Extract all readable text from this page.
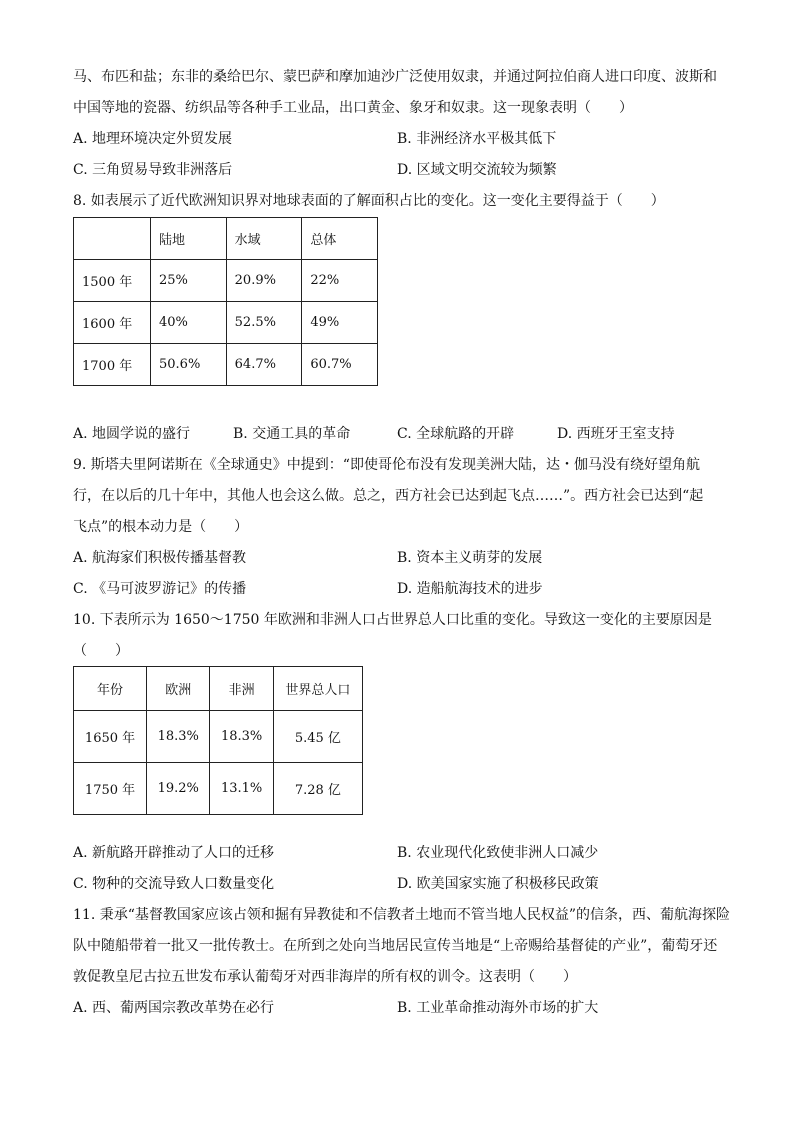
马、布匹和盐；东非的桑给巴尔、蒙巴萨和摩加迪沙广泛使用奴隶，并通过阿拉伯商人进口印度、波斯和
中国等地的瓷器、纺织品等各种手工业品，出口黄金、象牙和奴隶。这一现象表明（　　）
A. 地理环境决定外贸发展	B. 非洲经济水平极其低下
C. 三角贸易导致非洲落后	D. 区域文明交流较为频繁
8. 如表展示了近代欧洲知识界对地球表面的了解面积占比的变化。这一变化主要得益于（　　）
	陆地	水域	总体
1500 年	25%	20.9%	22%
1600 年	40%	52.5%	49%
1700 年	50.6%	64.7%	60.7%
A. 地圆学说的盛行	B. 交通工具的革命	C. 全球航路的开辟	D. 西班牙王室支持
9. 斯塔夫里阿诺斯在《全球通史》中提到：“即使哥伦布没有发现美洲大陆，达・伽马没有绕好望角航
行，在以后的几十年中，其他人也会这么做。总之，西方社会已达到起飞点……”。西方社会已达到“起
飞点”的根本动力是（　　）
A. 航海家们积极传播基督教	B. 资本主义萌芽的发展
C. 《马可波罗游记》的传播	D. 造船航海技术的进步
10. 下表所示为 1650～1750 年欧洲和非洲人口占世界总人口比重的变化。导致这一变化的主要原因是
（　　）
年份	欧洲	非洲	世界总人口
1650 年	18.3%	18.3%	5.45 亿
1750 年	19.2%	13.1%	7.28 亿
A. 新航路开辟推动了人口的迁移	B. 农业现代化致使非洲人口减少
C. 物种的交流导致人口数量变化	D. 欧美国家实施了积极移民政策
11. 秉承“基督教国家应该占领和掘有异教徒和不信教者土地而不管当地人民权益”的信条，西、葡航海探险
队中随船带着一批又一批传教士。在所到之处向当地居民宣传当地是“上帝赐给基督徒的产业”，葡萄牙还
敦促教皇尼古拉五世发布承认葡萄牙对西非海岸的所有权的训令。这表明（　　）
A. 西、葡两国宗教改革势在必行	B. 工业革命推动海外市场的扩大
